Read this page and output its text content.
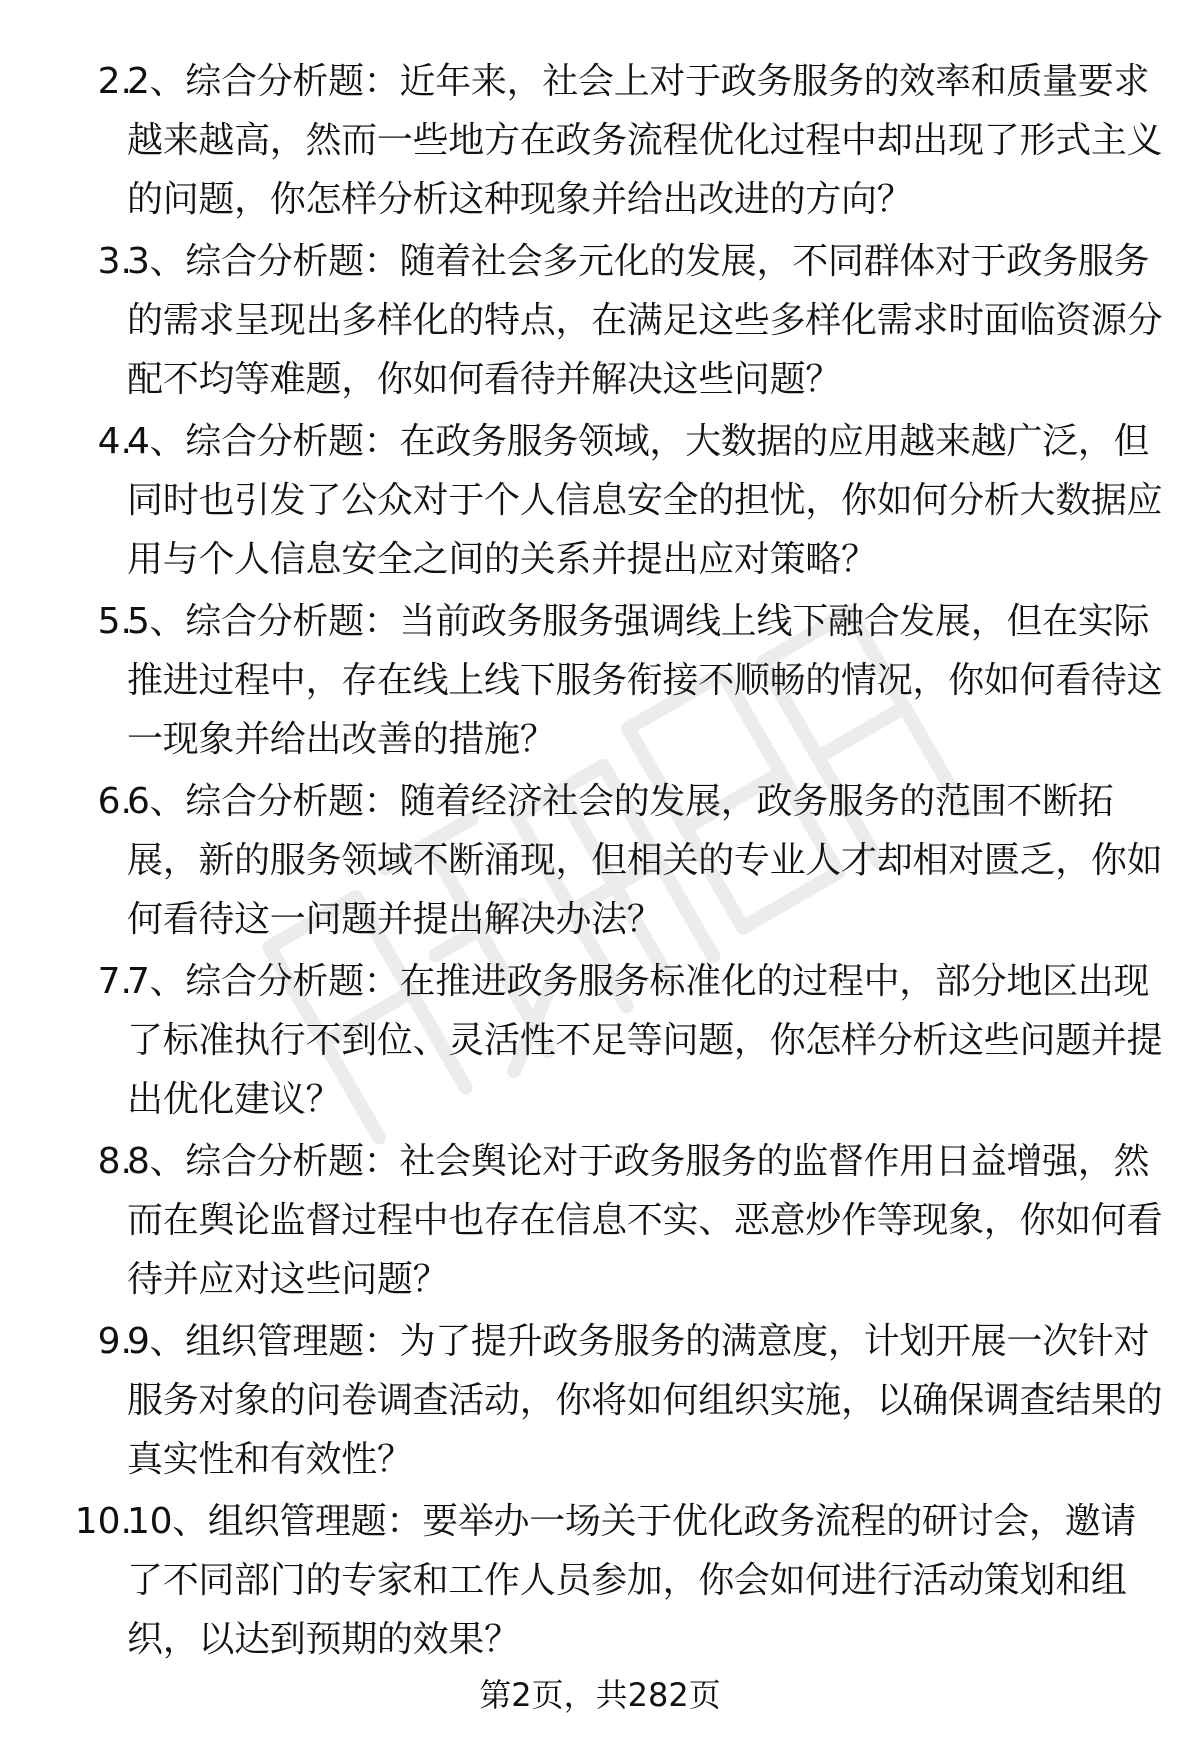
2.

2、综合分析题：近年来，社会上对于政务服务的效率和质量要求越来越高，然而一些地方在政务流程优化过程中却出现了形式主义的问题，你怎样分析这种现象并给出改进的方向？

3.

3、综合分析题：随着社会多元化的发展，不同群体对于政务服务的需求呈现出多样化的特点，在满足这些多样化需求时面临资源分配不均等难题，你如何看待并解决这些问题？

4.

4、综合分析题：在政务服务领域，大数据的应用越来越广泛，但同时也引发了公众对于个人信息安全的担忧，你如何分析大数据应用与个人信息安全之间的关系并提出应对策略？

5.

5、综合分析题：当前政务服务强调线上线下融合发展，但在实际推进过程中，存在线上线下服务衔接不顺畅的情况，你如何看待这一现象并给出改善的措施？

6.

6、综合分析题：随着经济社会的发展，政务服务的范围不断拓展，新的服务领域不断涌现，但相关的专业人才却相对匮乏，你如何看待这一问题并提出解决办法？

7.

7、综合分析题：在推进政务服务标准化的过程中，部分地区出现了标准执行不到位、灵活性不足等问题，你怎样分析这些问题并提出优化建议？

8.

8、综合分析题：社会舆论对于政务服务的监督作用日益增强，然而在舆论监督过程中也存在信息不实、恶意炒作等现象，你如何看待并应对这些问题？

9.

9、组织管理题：为了提升政务服务的满意度，计划开展一次针对服务对象的问卷调查活动，你将如何组织实施，以确保调查结果的真实性和有效性？

10.

10、组织管理题：要举办一场关于优化政务流程的研讨会，邀请了不同部门的专家和工作人员参加，你会如何进行活动策划和组织，以达到预期的效果？

第2页，共282页
